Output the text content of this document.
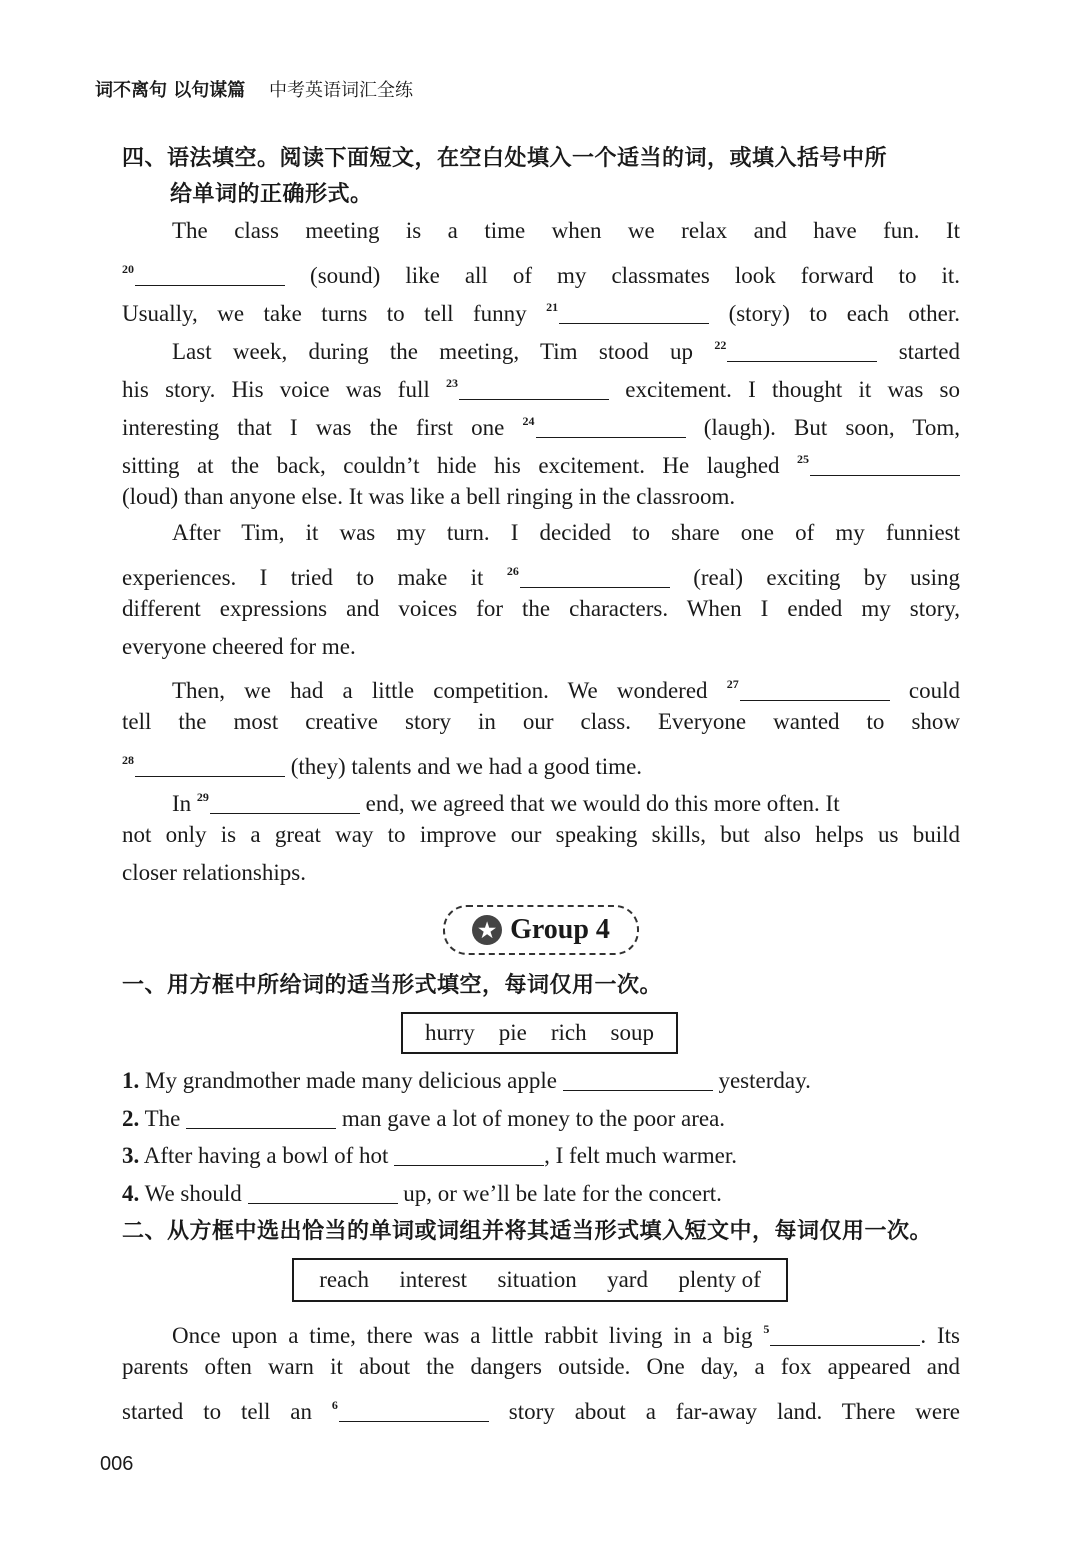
词不离句 以句谋篇 中考英语词汇全练
四、语法填空。阅读下面短文，在空白处填入一个适当的词，或填入括号中所
给单词的正确形式。
The class meeting is a time when we relax and have fun. It
$^{20}$	(sound) like all of my classmates look forward to it.
Usually, we take turns to tell funny $^{21}$	(story) to each other.
Last week, during the meeting, Tim stood up $^{22}$	started
his story. His voice was full $^{23}$	excitement. I thought it was so
interesting that I was the first one $^{24}$	(laugh). But soon, Tom,
sitting at the back, couldn’t hide his excitement. He laughed $^{25}$
(loud) than anyone else. It was like a bell ringing in the classroom.
After Tim, it was my turn. I decided to share one of my funniest
experiences. I tried to make it $^{26}$	(real) exciting by using
different expressions and voices for the characters. When I ended my story,
everyone cheered for me.
Then, we had a little competition. We wondered $^{27}$	could
tell the most creative story in our class. Everyone wanted to show
$^{28}$	(they) talents and we had a good time.
In $^{29}$	end, we agreed that we would do this more often. It
not only is a great way to improve our speaking skills, but also helps us build
closer relationships.
★ Group 4
一、用方框中所给词的适当形式填空，每词仅用一次。
hurry pie rich soup
1. My grandmother made many delicious apple	yesterday.
2. The	man gave a lot of money to the poor area.
3. After having a bowl of hot	, I felt much warmer.
4. We should	up, or we’ll be late for the concert.
二、从方框中选出恰当的单词或词组并将其适当形式填入短文中，每词仅用一次。
reach interest situation yard plenty of
Once upon a time, there was a little rabbit living in a big $^5$	. Its
parents often warn it about the dangers outside. One day, a fox appeared and
started to tell an $^6$	story about a far-away land. There were
006
